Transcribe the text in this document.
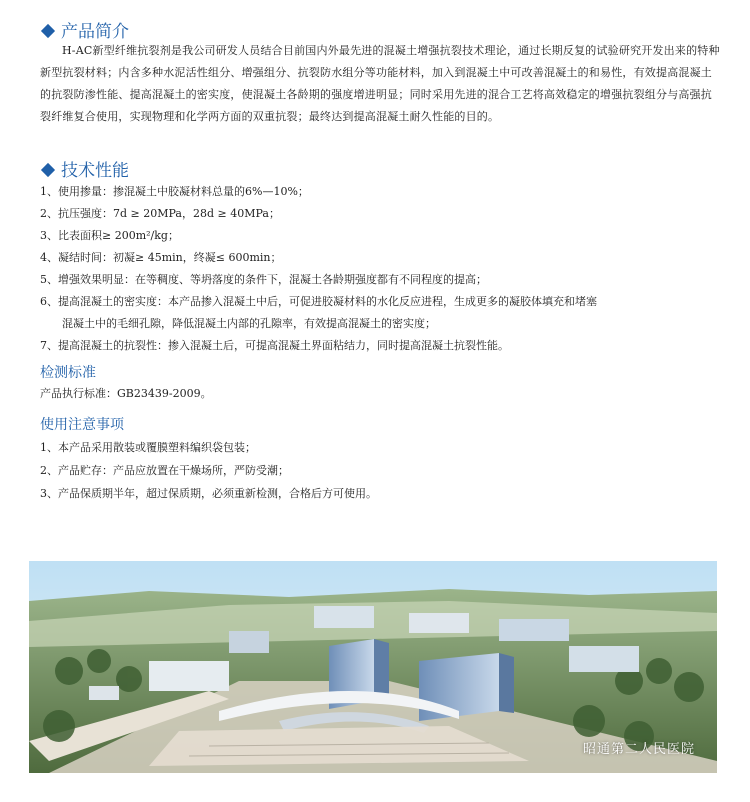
产品简介
H-AC新型纤维抗裂剂是我公司研发人员结合目前国内外最先进的混凝土增强抗裂技术理论，通过长期反复的试验研究开发出来的特种新型抗裂材料；内含多种水泥活性组分、增强组分、抗裂防水组分等功能材料，加入到混凝土中可改善混凝土的和易性，有效提高混凝土的抗裂防渗性能、提高混凝土的密实度，使混凝土各龄期的强度增进明显；同时采用先进的混合工艺将高效稳定的增强抗裂组分与高强抗裂纤维复合使用，实现物理和化学两方面的双重抗裂；最终达到提高混凝土耐久性能的目的。
技术性能
1、使用掺量：掺混凝土中胶凝材料总量的6%—10%；
2、抗压强度：7d ≥ 20MPa，28d ≥ 40MPa；
3、比表面积≥ 200m²/kg；
4、凝结时间：初凝≥ 45min，终凝≤ 600min；
5、增强效果明显：在等稠度、等坍落度的条件下，混凝土各龄期强度都有不同程度的提高；
6、提高混凝土的密实度：本产品掺入混凝土中后，可促进胶凝材料的水化反应进程，生成更多的凝胶体填充和堵塞
混凝土中的毛细孔隙，降低混凝土内部的孔隙率，有效提高混凝土的密实度；
7、提高混凝土的抗裂性：掺入混凝土后，可提高混凝土界面粘结力，同时提高混凝土抗裂性能。
检测标准
产品执行标准：GB23439-2009。
使用注意事项
1、本产品采用散装或覆膜塑料编织袋包装；
2、产品贮存：产品应放置在干燥场所，严防受潮；
3、产品保质期半年，超过保质期，必须重新检测，合格后方可使用。
昭通第二人民医院
